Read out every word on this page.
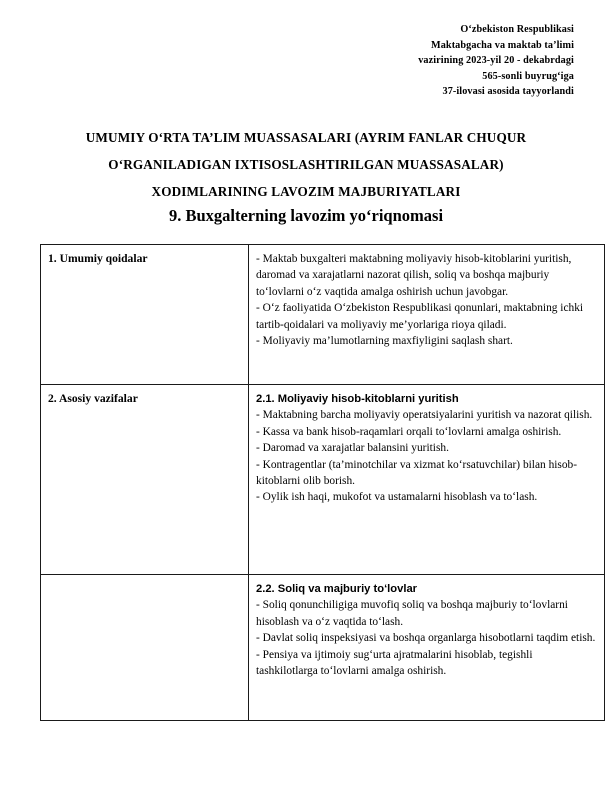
O‘zbekiston Respublikasi
Maktabgacha va maktab ta’limi
vazirining 2023-yil 20 - dekabrdagi
565-sonli buyrug‘iga
37-ilovasi asosida tayyorlandi
UMUMIY O‘RTA TA’LIM MUASSASALARI (AYRIM FANLAR CHUQUR
O‘RGANILADIGAN IXTISOSLASHTIRILGAN MUASSASALAR)
XODIMLARINING LAVOZIM MAJBURIYATLARI
9. Buxgalterning lavozim yo‘riqnomasi
1. Umumiy qoidalar	- Maktab buxgalteri maktabning moliyaviy hisob-kitoblarini yuritish, daromad va xarajatlarni nazorat qilish, soliq va boshqa majburiy to‘lovlarni o‘z vaqtida amalga oshirish uchun javobgar.
- O‘z faoliyatida O‘zbekiston Respublikasi qonunlari, maktabning ichki tartib-qoidalari va moliyaviy me’yorlariga rioya qiladi.
- Moliyaviy ma’lumotlarning maxfiyligini saqlash shart.

2. Asosiy vazifalar	2.1. Moliyaviy hisob-kitoblarni yuritish
- Maktabning barcha moliyaviy operatsiyalarini yuritish va nazorat qilish.
- Kassa va bank hisob-raqamlari orqali to‘lovlarni amalga oshirish.
- Daromad va xarajatlar balansini yuritish.
- Kontragentlar (ta’minotchilar va xizmat ko‘rsatuvchilar) bilan hisob-kitoblarni olib borish.
- Oylik ish haqi, mukofot va ustamalarni hisoblash va to‘lash.

	2.2. Soliq va majburiy to‘lovlar
- Soliq qonunchiligiga muvofiq soliq va boshqa majburiy to‘lovlarni hisoblash va o‘z vaqtida to‘lash.
- Davlat soliq inspeksiyasi va boshqa organlarga hisobotlarni taqdim etish.
- Pensiya va ijtimoiy sug‘urta ajratmalarini hisoblab, tegishli tashkilotlarga to‘lovlarni amalga oshirish.
